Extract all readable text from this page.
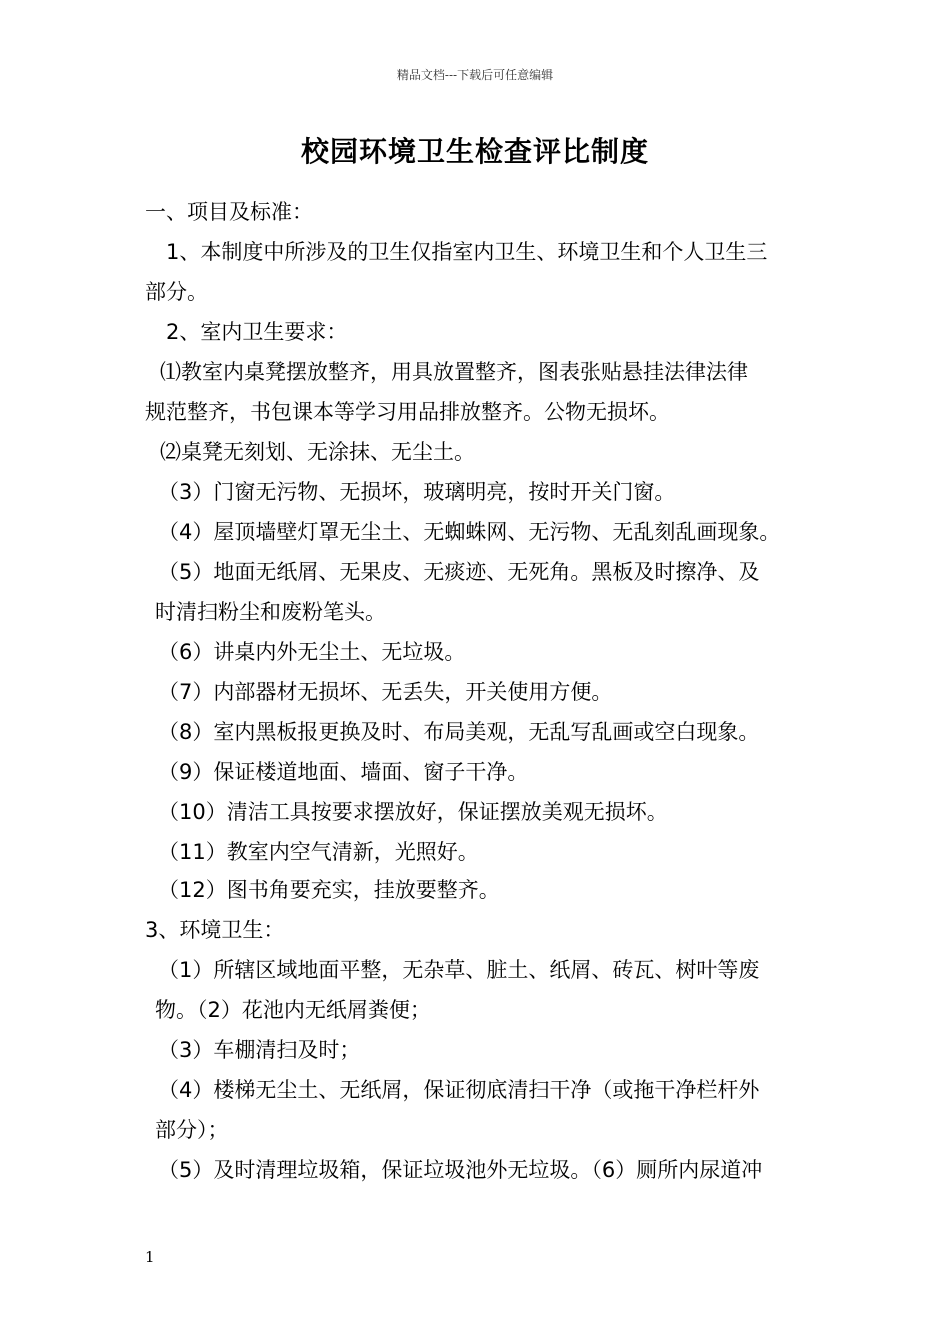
精品文档---下载后可任意编辑
校园环境卫生检查评比制度
一、项目及标准：
1、本制度中所涉及的卫生仅指室内卫生、环境卫生和个人卫生三
部分。
2、室内卫生要求：
⑴教室内桌凳摆放整齐，用具放置整齐，图表张贴悬挂法律法律
规范整齐，书包课本等学习用品排放整齐。公物无损坏。
⑵桌凳无刻划、无涂抹、无尘土。
（3）门窗无污物、无损坏，玻璃明亮，按时开关门窗。
（4）屋顶墙壁灯罩无尘土、无蜘蛛网、无污物、无乱刻乱画现象。
（5）地面无纸屑、无果皮、无痰迹、无死角。黑板及时擦净、及
时清扫粉尘和废粉笔头。
（6）讲桌内外无尘土、无垃圾。
（7）内部器材无损坏、无丢失，开关使用方便。
（8）室内黑板报更换及时、布局美观，无乱写乱画或空白现象。
（9）保证楼道地面、墙面、窗子干净。
（10）清洁工具按要求摆放好，保证摆放美观无损坏。
（11）教室内空气清新，光照好。
（12）图书角要充实，挂放要整齐。
3、环境卫生：
（1）所辖区域地面平整，无杂草、脏土、纸屑、砖瓦、树叶等废
物。（2）花池内无纸屑粪便；
（3）车棚清扫及时；
（4）楼梯无尘土、无纸屑，保证彻底清扫干净（或拖干净栏杆外
部分）；
（5）及时清理垃圾箱，保证垃圾池外无垃圾。（6）厕所内尿道冲
1
